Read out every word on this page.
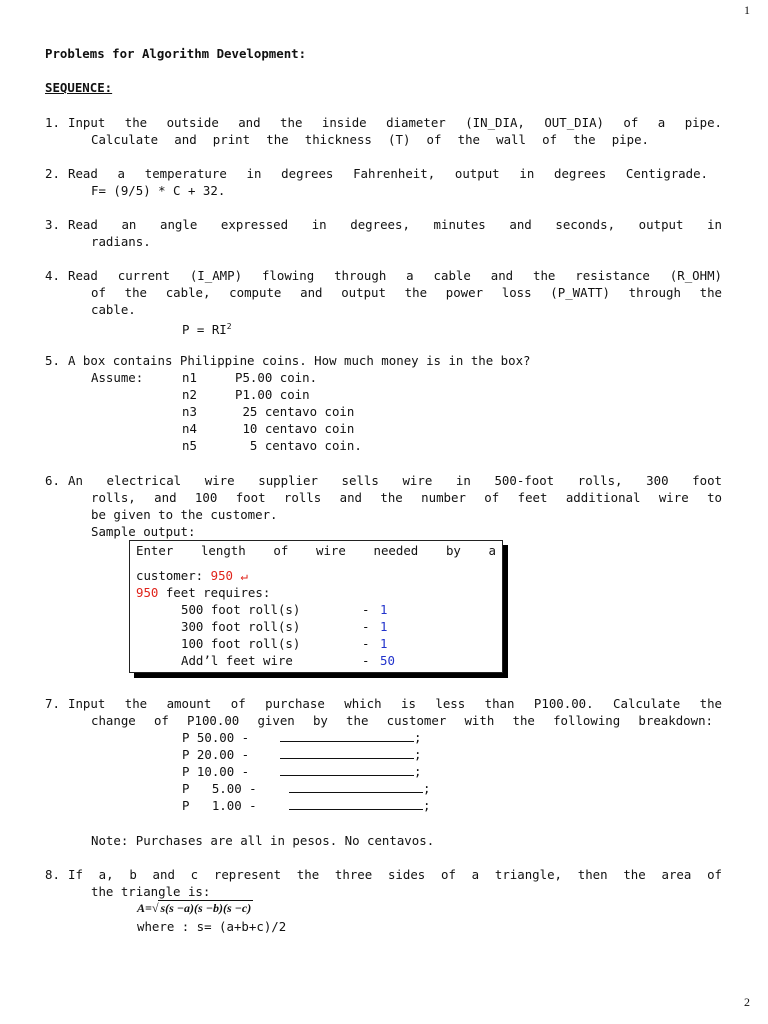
1
Problems for Algorithm Development:
SEQUENCE:
1. Input the outside and the inside diameter (IN_DIA, OUT_DIA) of a pipe.
Calculate and print the thickness (T) of the wall of the pipe.
2. Read a temperature in degrees Fahrenheit, output in degrees Centigrade.
F= (9/5) * C + 32.
3. Read an angle expressed in degrees, minutes and seconds, output in
radians.
4. Read current (I_AMP) flowing through a cable and the resistance (R_OHM)
of the cable, compute and output the power loss (P_WATT) through the
cable.
$P = RI^2$
5. A box contains Philippine coins. How much money is in the box?
Assume:	n1	P5.00 coin.
n2	P1.00 coin
n3	25 centavo coin
n4	10 centavo coin
n5	5 centavo coin.
6. An electrical wire supplier sells wire in 500-foot rolls, 300 foot
rolls, and 100 foot rolls and the number of feet additional wire to
be given to the customer.
Sample output:
Enter length of wire needed by a
customer: 950 ↵
950 feet requires:
500 foot roll(s)	- 1
300 foot roll(s)	- 1
100 foot roll(s)	- 1
Add’l feet wire	- 50
7. Input the amount of purchase which is less than P100.00. Calculate the
change of P100.00 given by the customer with the following breakdown:
P 50.00 -	;
P 20.00 -	;
P 10.00 -	;
P   5.00 -	;
P   1.00 -	;
Note: Purchases are all in pesos. No centavos.
8. If a, b and c represent the three sides of a triangle, then the area of
the triangle is:
A=√ s(s −a)(s −b)(s −c)
where : s= (a+b+c)/2
2
